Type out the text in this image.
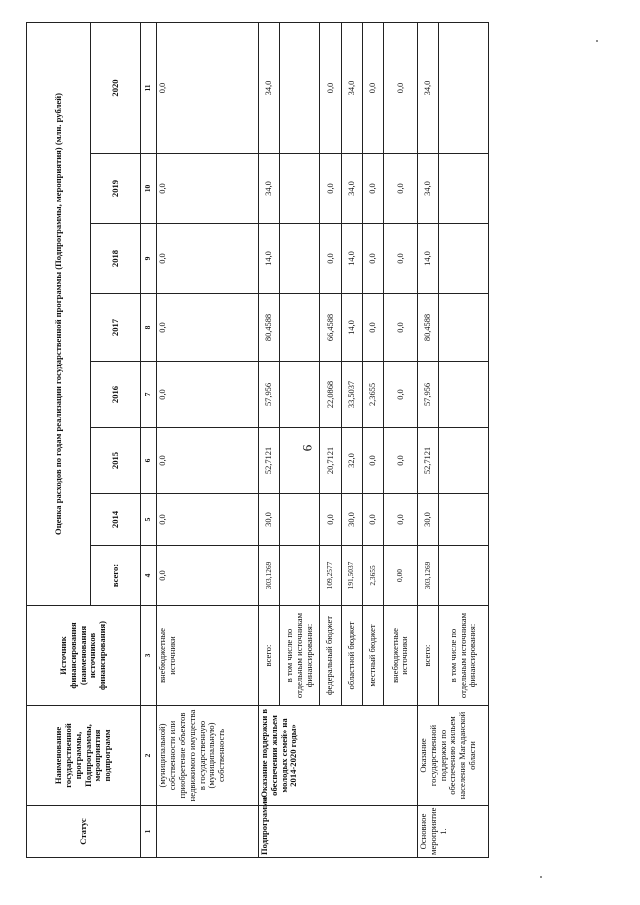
9
Статус	Наименование государственной программы, Подпрограммы, мероприятия подпрограмм	Источник финансирования (наименования источников финансирования)	Оценка расходов по годам реализации государственной программы (Подпрограммы, мероприятия) (млн. рублей)							
			всего:	2014	2015	2016	2017	2018	2019	2020
1	2	3	4	5	6	7	8	9	10	11
	(муниципальной) собственности или приобретение объектов недвижимого имущества в государственную (муниципальную) собственность	внебюджетные источники	0,0	0,0	0,0	0,0	0,0	0,0	0,0	0,0
Подпрограмма	«Оказание поддержки в обеспечении жильем молодых семей» на 2014-2020 годы»	всего:	303,1269	30,0	52,7121	57,956	80,4588	14,0	34,0	34,0
		в том числе по отдельным источникам финансирования:								
		федеральный бюджет	109,2577	0,0	20,7121	22,0868	66,4588	0,0	0,0	0,0
		областной бюджет	191,5037	30,0	32,0	33,5037	14,0	14,0	34,0	34,0
		местный бюджет	2,3655	0,0	0,0	2,3655	0,0	0,0	0,0	0,0
		внебюджетные источники	0,00	0,0	0,0	0,0	0,0	0,0	0,0	0,0
Основное мероприятие 1.	Оказание государственной поддержки по обеспечению жильем населения Магаданской области	всего:	303,1269	30,0	52,7121	57,956	80,4588	14,0	34,0	34,0
		в том числе по отдельным источникам финансирования:								
